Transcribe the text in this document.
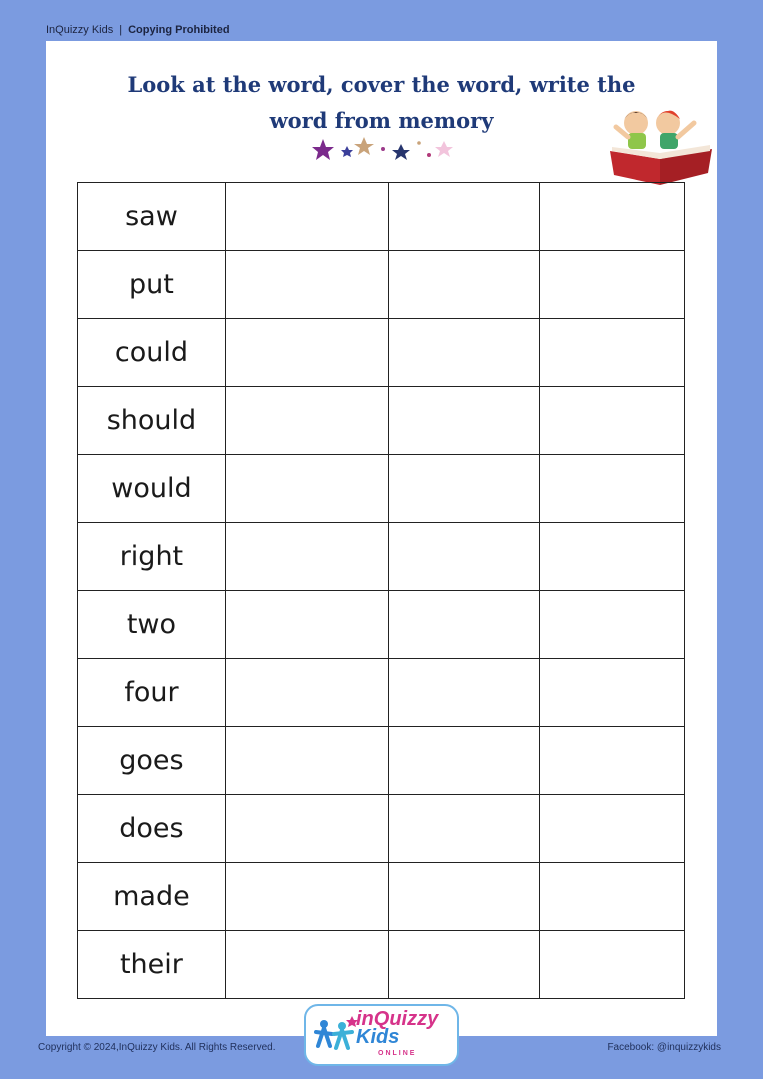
InQuizzy Kids | Copying Prohibited
Look at the word, cover the word, write the
word from memory
saw			
put			
could			
should			
would			
right			
two			
four			
goes			
does			
made			
their			
Copyright © 2024,InQuizzy Kids. All Rights Reserved.	Facebook: @inquizzykids
inQuizzy
Kids
ONLINE
